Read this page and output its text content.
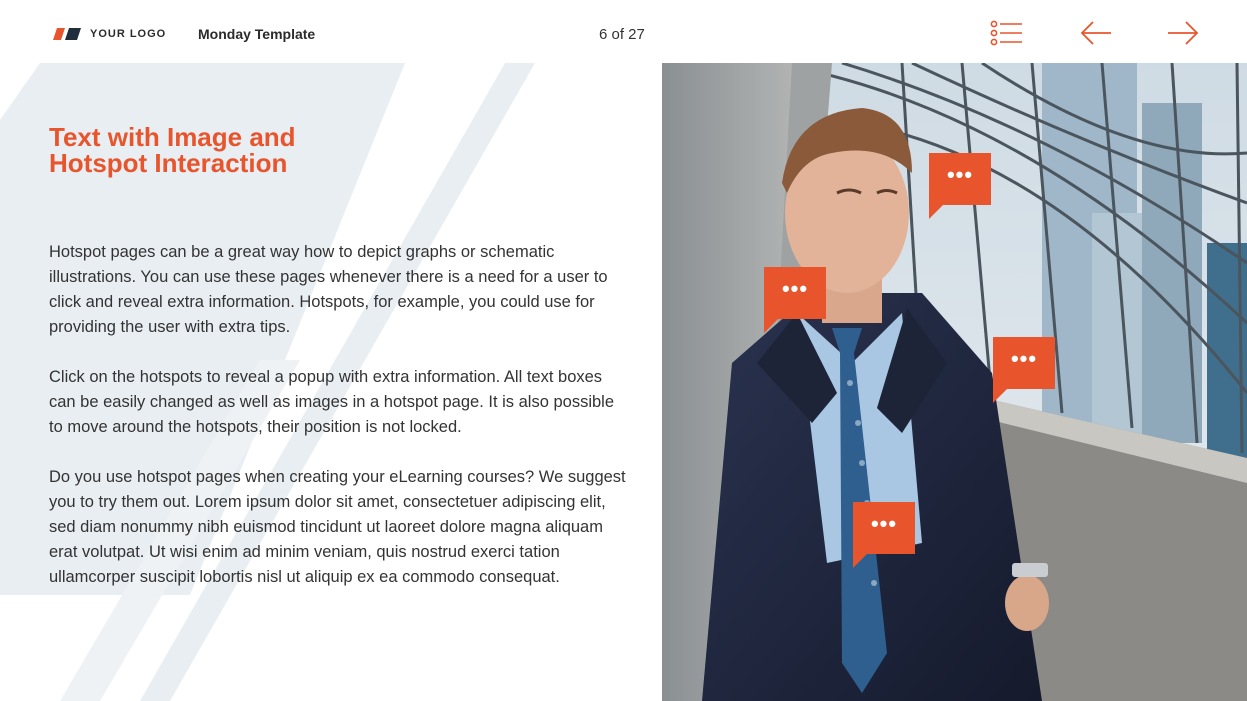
YOUR LOGO Monday Template	6 of 27
Text with Image and Hotspot Interaction

Hotspot pages can be a great way how to depict graphs or schematic illustrations. You can use these pages whenever there is a need for a user to click and reveal extra information. Hotspots, for example, you could use for providing the user with extra tips.

Click on the hotspots to reveal a popup with extra information. All text boxes can be easily changed as well as images in a hotspot page. It is also possible to move around the hotspots, their position is not locked.

Do you use hotspot pages when creating your eLearning courses? We suggest you to try them out. Lorem ipsum dolor sit amet, consectetuer adipiscing elit, sed diam nonummy nibh euismod tincidunt ut laoreet dolore magna aliquam erat volutpat. Ut wisi enim ad minim veniam, quis nostrud exerci tation ullamcorper suscipit lobortis nisl ut aliquip ex ea commodo consequat.

•••
•••
•••
•••
